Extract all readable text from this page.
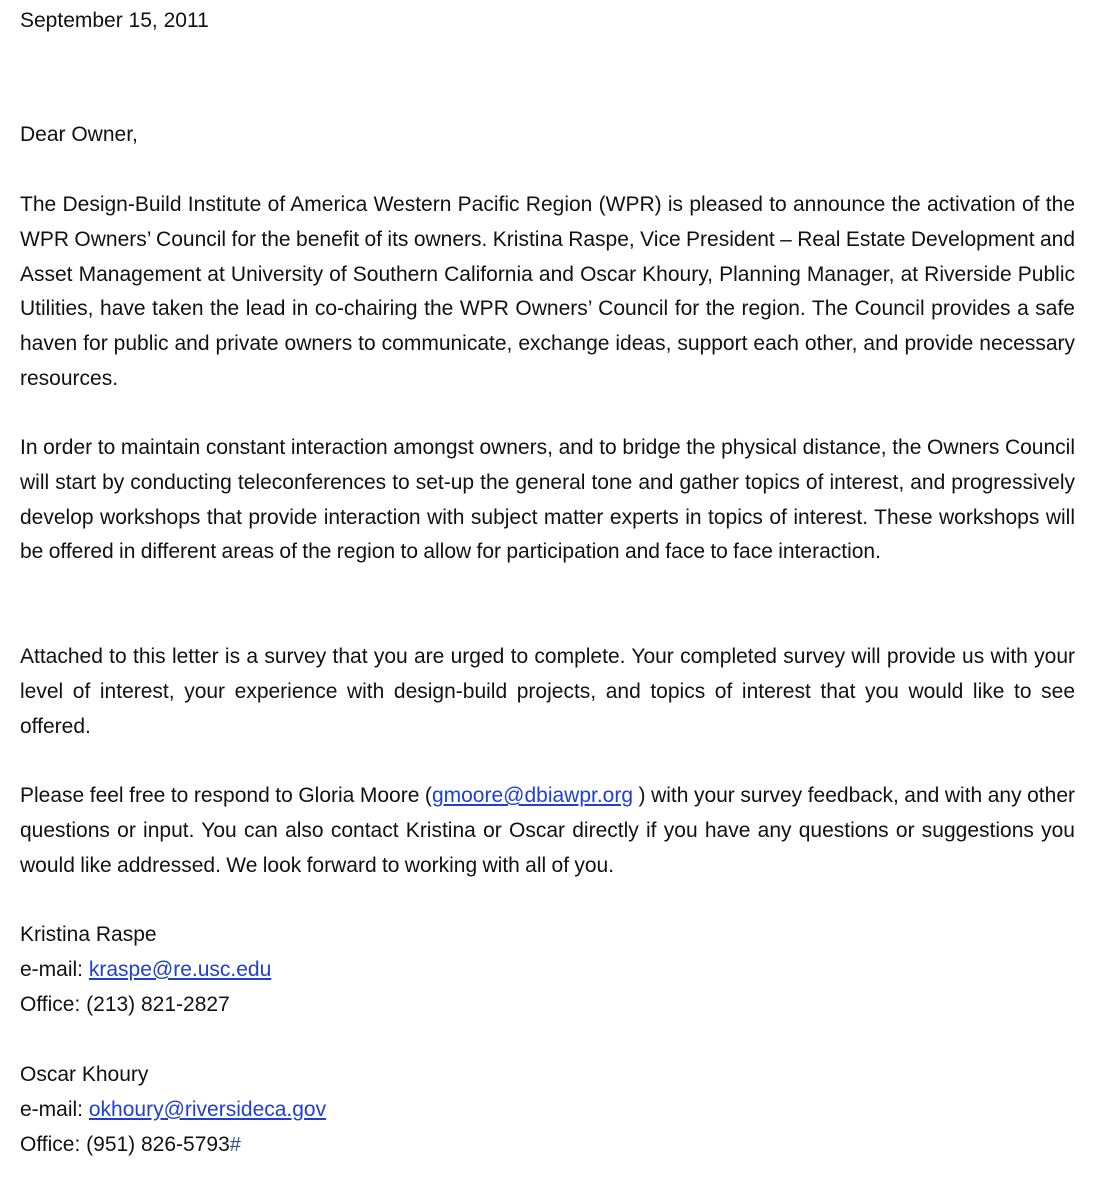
September 15, 2011
Dear Owner,

The Design-Build Institute of America Western Pacific Region (WPR) is pleased to announce the activation of the WPR Owners’ Council for the benefit of its owners. Kristina Raspe, Vice President – Real Estate Development and Asset Management at University of Southern California and Oscar Khoury, Planning Manager, at Riverside Public Utilities, have taken the lead in co-chairing the WPR Owners’ Council for the region. The Council provides a safe haven for public and private owners to communicate, exchange ideas, support each other, and provide necessary resources.

In order to maintain constant interaction amongst owners, and to bridge the physical distance, the Owners Council will start by conducting teleconferences to set-up the general tone and gather topics of interest, and progressively develop workshops that provide interaction with subject matter experts in topics of interest. These workshops will be offered in different areas of the region to allow for participation and face to face interaction.

Attached to this letter is a survey that you are urged to complete. Your completed survey will provide us with your level of interest, your experience with design-build projects, and topics of interest that you would like to see offered.

Please feel free to respond to Gloria Moore (gmoore@dbiawpr.org ) with your survey feedback, and with any other questions or input. You can also contact Kristina or Oscar directly if you have any questions or suggestions you would like addressed. We look forward to working with all of you.

Kristina Raspe
e-mail: kraspe@re.usc.edu
Office: (213) 821-2827
Oscar Khoury
e-mail: okhoury@riversideca.gov
Office: (951) 826-5793#
